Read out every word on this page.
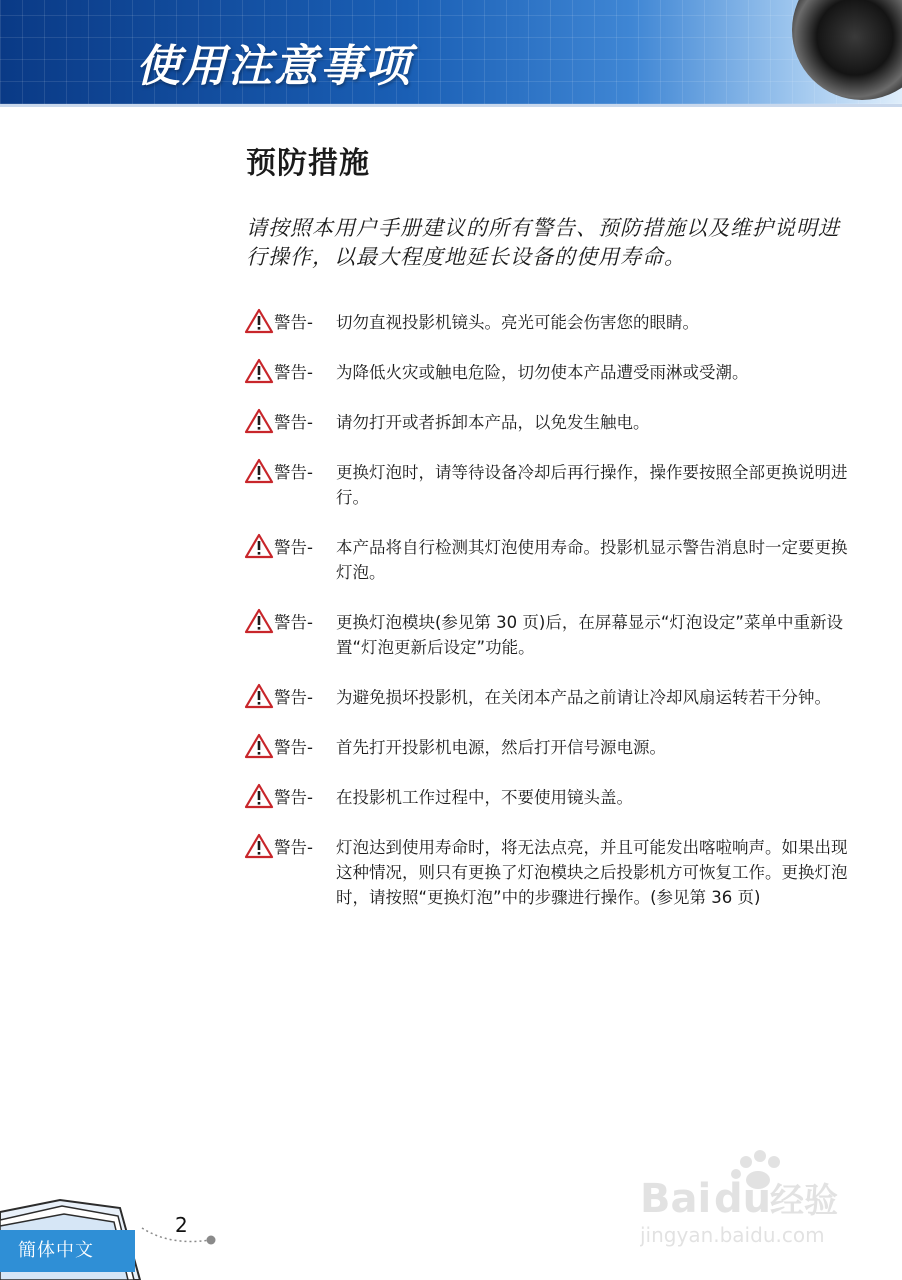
使用注意事项
预防措施
请按照本用户手册建议的所有警告、预防措施以及维护说明进行操作，以最大程度地延长设备的使用寿命。
警告-	切勿直视投影机镜头。亮光可能会伤害您的眼睛。
警告-	为降低火灾或触电危险，切勿使本产品遭受雨淋或受潮。
警告-	请勿打开或者拆卸本产品，以免发生触电。
警告-	更换灯泡时，请等待设备冷却后再行操作，操作要按照全部更换说明进行。
警告-	本产品将自行检测其灯泡使用寿命。投影机显示警告消息时一定要更换灯泡。
警告-	更换灯泡模块(参见第 30 页)后，在屏幕显示“灯泡设定”菜单中重新设置“灯泡更新后设定”功能。
警告-	为避免损坏投影机，在关闭本产品之前请让冷却风扇运转若干分钟。
警告-	首先打开投影机电源，然后打开信号源电源。
警告-	在投影机工作过程中，不要使用镜头盖。
警告-	灯泡达到使用寿命时，将无法点亮，并且可能发出喀啦响声。如果出现这种情况，则只有更换了灯泡模块之后投影机方可恢复工作。更换灯泡时，请按照“更换灯泡”中的步骤进行操作。(参见第 36 页)
簡体中文
2
Bai du
经验
jingyan.baidu.com
